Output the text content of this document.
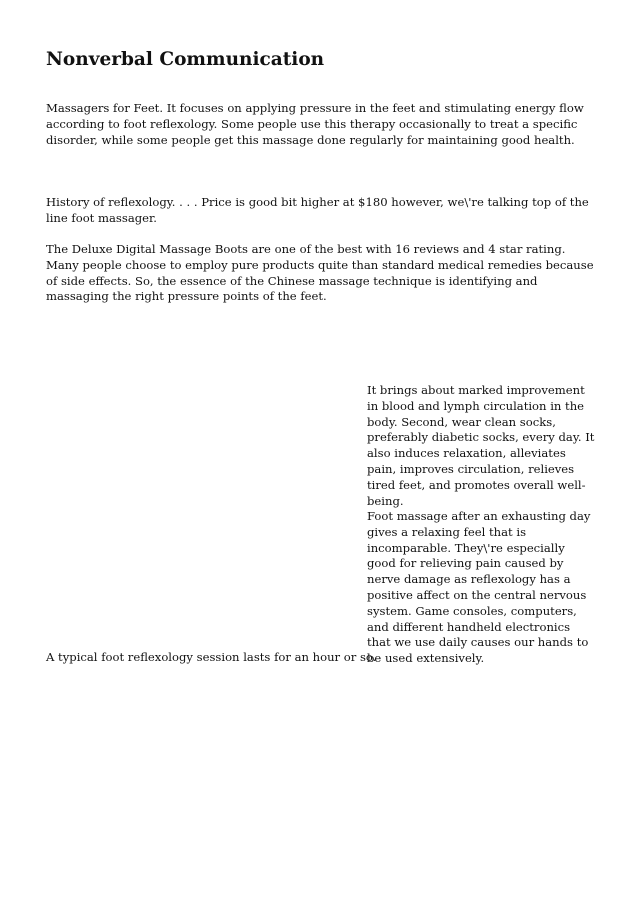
Nonverbal Communication

Massagers for Feet. It focuses on applying pressure in the feet and stimulating energy flow according to foot reflexology. Some people use this therapy occasionally to treat a specific disorder, while some people get this massage done regularly for maintaining good health.

History of reflexology. . . . Price is good bit higher at $180 however, we\'re talking top of the line foot massager.

The Deluxe Digital Massage Boots are one of the best with 16 reviews and 4 star rating. Many people choose to employ pure products quite than standard medical remedies because of side effects. So, the essence of the Chinese massage technique is identifying and massaging the right pressure points of the feet.

It brings about marked improvement in blood and lymph circulation in the body. Second, wear clean socks, preferably diabetic socks, every day. It also induces relaxation, alleviates pain, improves circulation, relieves tired feet, and promotes overall well-being.

Foot massage after an exhausting day gives a relaxing feel that is incomparable. They\'re especially good for relieving pain caused by nerve damage as reflexology has a positive affect on the central nervous system. Game consoles, computers, and different handheld electronics that we use daily causes our hands to be used extensively.

A typical foot reflexology session lasts for an hour or so.
